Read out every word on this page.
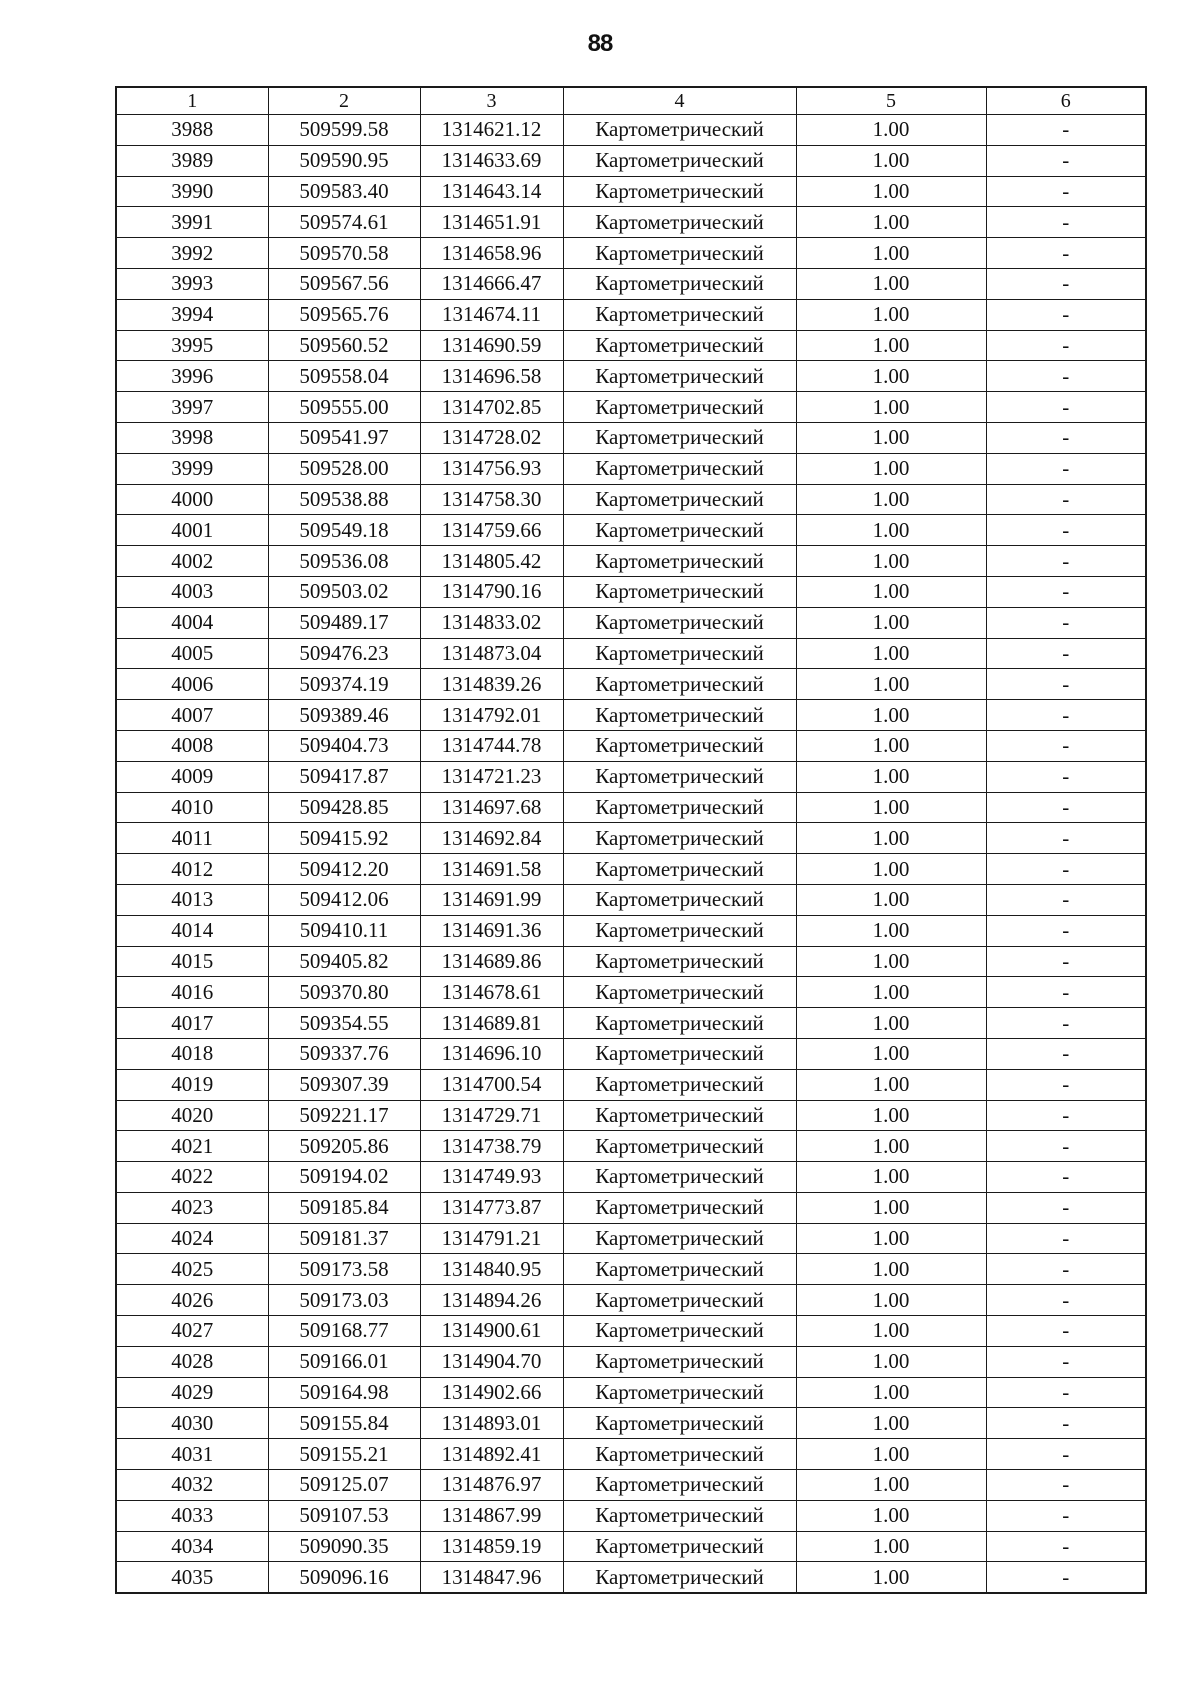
88
1	2	3	4	5	6
3988	509599.58	1314621.12	Картометрический	1.00	-
3989	509590.95	1314633.69	Картометрический	1.00	-
3990	509583.40	1314643.14	Картометрический	1.00	-
3991	509574.61	1314651.91	Картометрический	1.00	-
3992	509570.58	1314658.96	Картометрический	1.00	-
3993	509567.56	1314666.47	Картометрический	1.00	-
3994	509565.76	1314674.11	Картометрический	1.00	-
3995	509560.52	1314690.59	Картометрический	1.00	-
3996	509558.04	1314696.58	Картометрический	1.00	-
3997	509555.00	1314702.85	Картометрический	1.00	-
3998	509541.97	1314728.02	Картометрический	1.00	-
3999	509528.00	1314756.93	Картометрический	1.00	-
4000	509538.88	1314758.30	Картометрический	1.00	-
4001	509549.18	1314759.66	Картометрический	1.00	-
4002	509536.08	1314805.42	Картометрический	1.00	-
4003	509503.02	1314790.16	Картометрический	1.00	-
4004	509489.17	1314833.02	Картометрический	1.00	-
4005	509476.23	1314873.04	Картометрический	1.00	-
4006	509374.19	1314839.26	Картометрический	1.00	-
4007	509389.46	1314792.01	Картометрический	1.00	-
4008	509404.73	1314744.78	Картометрический	1.00	-
4009	509417.87	1314721.23	Картометрический	1.00	-
4010	509428.85	1314697.68	Картометрический	1.00	-
4011	509415.92	1314692.84	Картометрический	1.00	-
4012	509412.20	1314691.58	Картометрический	1.00	-
4013	509412.06	1314691.99	Картометрический	1.00	-
4014	509410.11	1314691.36	Картометрический	1.00	-
4015	509405.82	1314689.86	Картометрический	1.00	-
4016	509370.80	1314678.61	Картометрический	1.00	-
4017	509354.55	1314689.81	Картометрический	1.00	-
4018	509337.76	1314696.10	Картометрический	1.00	-
4019	509307.39	1314700.54	Картометрический	1.00	-
4020	509221.17	1314729.71	Картометрический	1.00	-
4021	509205.86	1314738.79	Картометрический	1.00	-
4022	509194.02	1314749.93	Картометрический	1.00	-
4023	509185.84	1314773.87	Картометрический	1.00	-
4024	509181.37	1314791.21	Картометрический	1.00	-
4025	509173.58	1314840.95	Картометрический	1.00	-
4026	509173.03	1314894.26	Картометрический	1.00	-
4027	509168.77	1314900.61	Картометрический	1.00	-
4028	509166.01	1314904.70	Картометрический	1.00	-
4029	509164.98	1314902.66	Картометрический	1.00	-
4030	509155.84	1314893.01	Картометрический	1.00	-
4031	509155.21	1314892.41	Картометрический	1.00	-
4032	509125.07	1314876.97	Картометрический	1.00	-
4033	509107.53	1314867.99	Картометрический	1.00	-
4034	509090.35	1314859.19	Картометрический	1.00	-
4035	509096.16	1314847.96	Картометрический	1.00	-
